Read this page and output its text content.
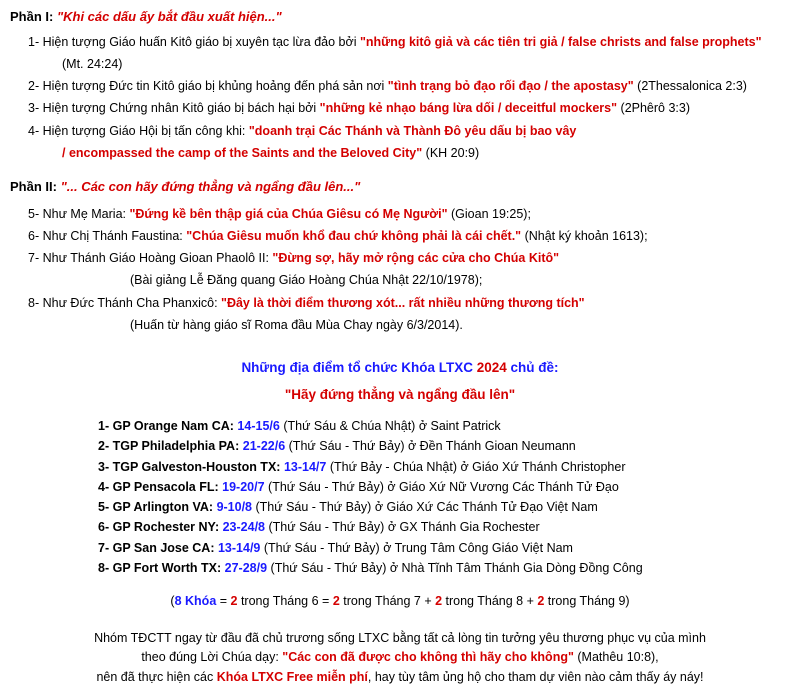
Phần I: "Khi các dấu ấy bắt đầu xuất hiện..."
1- Hiện tượng Giáo huấn Kitô giáo bị xuyên tạc lừa đảo bởi "những kitô giả và các tiên tri giả / false christs and false prophets"
(Mt. 24:24)
2- Hiện tượng Đức tin Kitô giáo bị khủng hoảng đến phá sản nơi "tình trạng bỏ đạo rối đạo / the apostasy" (2Thessalonica 2:3)
3- Hiện tượng Chứng nhân Kitô giáo bị bách hại bởi "những kẻ nhạo báng lừa dối / deceitful mockers" (2Phêrô 3:3)
4- Hiện tượng Giáo Hội bị tấn công khi: "doanh trại Các Thánh và Thành Đô yêu dấu bị bao vây
/ encompassed the camp of the Saints and the Beloved City" (KH 20:9)
Phần II: "... Các con hãy đứng thẳng và ngẩng đầu lên..."
5- Như Mẹ Maria: "Đứng kề bên thập giá của Chúa Giêsu có Mẹ Người" (Gioan 19:25);
6- Như Chị Thánh Faustina: "Chúa Giêsu muốn khổ đau chứ không phải là cái chết." (Nhật ký khoản 1613);
7- Như Thánh Giáo Hoàng Gioan Phaolô II: "Đừng sợ, hãy mở rộng các cửa cho Chúa Kitô"
(Bài giảng Lễ Đăng quang Giáo Hoàng Chúa Nhật 22/10/1978);
8- Như Đức Thánh Cha Phanxicô: "Đây là thời điểm thương xót... rất nhiều những thương tích"
(Huấn từ hàng giáo sĩ Roma đầu Mùa Chay ngày 6/3/2014).
Những địa điểm tổ chức Khóa LTXC 2024 chủ đề:
"Hãy đứng thẳng và ngẩng đầu lên"
1- GP Orange Nam CA: 14-15/6 (Thứ Sáu & Chúa Nhật) ở Saint Patrick
2- TGP Philadelphia PA: 21-22/6 (Thứ Sáu - Thứ Bảy) ở Đền Thánh Gioan Neumann
3- TGP Galveston-Houston TX: 13-14/7 (Thứ Bảy - Chúa Nhật) ở Giáo Xứ Thánh Christopher
4- GP Pensacola FL: 19-20/7 (Thứ Sáu - Thứ Bảy) ở Giáo Xứ Nữ Vương Các Thánh Tử Đạo
5- GP Arlington VA: 9-10/8 (Thứ Sáu - Thứ Bảy) ở Giáo Xứ Các Thánh Tử Đạo Việt Nam
6- GP Rochester NY: 23-24/8 (Thứ Sáu - Thứ Bảy) ở GX Thánh Gia Rochester
7- GP San Jose CA: 13-14/9 (Thứ Sáu - Thứ Bảy) ở Trung Tâm Công Giáo Việt Nam
8- GP Fort Worth TX: 27-28/9 (Thứ Sáu - Thứ Bảy) ở Nhà Tĩnh Tâm Thánh Gia Dòng Đồng Công
(8 Khóa = 2 trong Tháng 6 = 2 trong Tháng 7 + 2 trong Tháng 8 + 2 trong Tháng 9)
Nhóm TĐCTT ngay từ đầu đã chủ trương sống LTXC bằng tất cả lòng tin tưởng yêu thương phục vụ của mình
theo đúng Lời Chúa dạy: "Các con đã được cho không thì hãy cho không" (Mathêu 10:8),
nên đã thực hiện các Khóa LTXC Free miễn phí, hay tùy tâm ủng hộ cho tham dự viên nào cảm thấy áy náy!
